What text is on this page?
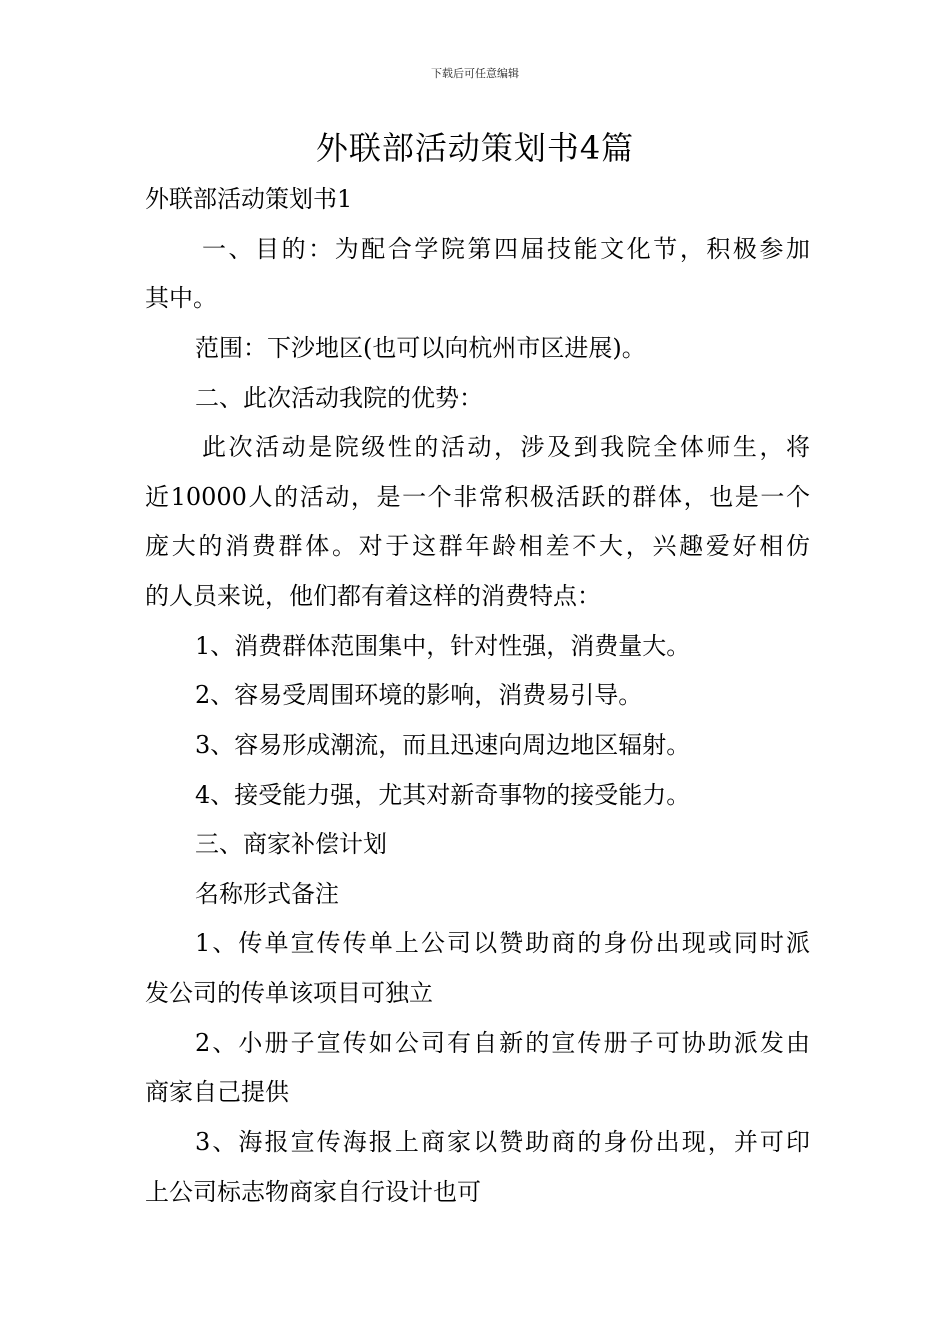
下载后可任意编辑
外联部活动策划书4篇
外联部活动策划书1
一、目的：为配合学院第四届技能文化节，积极参加
其中。
范围：下沙地区(也可以向杭州市区进展)。
二、此次活动我院的优势：
此次活动是院级性的活动，涉及到我院全体师生，将
近10000人的活动，是一个非常积极活跃的群体，也是一个
庞大的消费群体。对于这群年龄相差不大，兴趣爱好相仿
的人员来说，他们都有着这样的消费特点：
1、消费群体范围集中，针对性强，消费量大。
2、容易受周围环境的影响，消费易引导。
3、容易形成潮流，而且迅速向周边地区辐射。
4、接受能力强，尤其对新奇事物的接受能力。
三、商家补偿计划
名称形式备注
1、传单宣传传单上公司以赞助商的身份出现或同时派
发公司的传单该项目可独立
2、小册子宣传如公司有自新的宣传册子可协助派发由
商家自己提供
3、海报宣传海报上商家以赞助商的身份出现，并可印
上公司标志物商家自行设计也可
